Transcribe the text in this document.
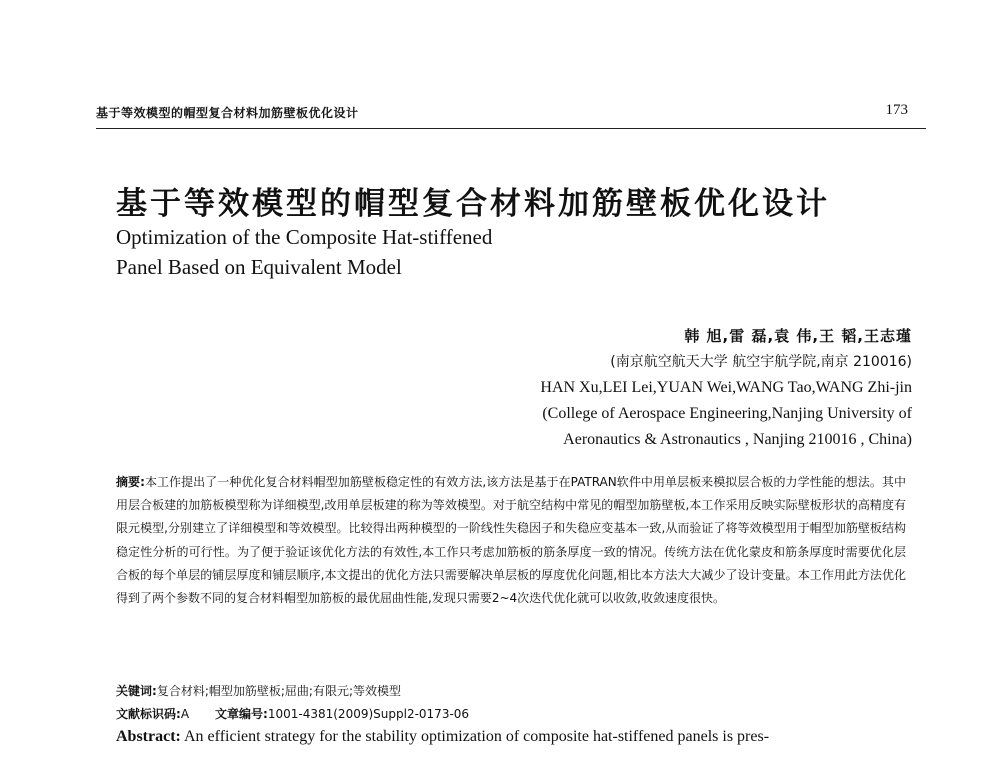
基于等效模型的帽型复合材料加筋壁板优化设计	173
基于等效模型的帽型复合材料加筋壁板优化设计
Optimization of the Composite Hat-stiffened
Panel Based on Equivalent Model
韩 旭,雷 磊,袁 伟,王 韬,王志瑾
(南京航空航天大学 航空宇航学院,南京 210016)
HAN Xu,LEI Lei,YUAN Wei,WANG Tao,WANG Zhi-jin
(College of Aerospace Engineering,Nanjing University of
Aeronautics & Astronautics , Nanjing 210016 , China)
摘要:本工作提出了一种优化复合材料帽型加筋壁板稳定性的有效方法,该方法是基于在PATRAN软件中用单层板来模拟层合板的力学性能的想法。其中用层合板建的加筋板模型称为详细模型,改用单层板建的称为等效模型。对于航空结构中常见的帽型加筋壁板,本工作采用反映实际壁板形状的高精度有限元模型,分别建立了详细模型和等效模型。比较得出两种模型的一阶线性失稳因子和失稳应变基本一致,从而验证了将等效模型用于帽型加筋壁板结构稳定性分析的可行性。为了便于验证该优化方法的有效性,本工作只考虑加筋板的筋条厚度一致的情况。传统方法在优化蒙皮和筋条厚度时需要优化层合板的每个单层的铺层厚度和铺层顺序,本文提出的优化方法只需要解决单层板的厚度优化问题,相比本方法大大减少了设计变量。本工作用此方法优化得到了两个参数不同的复合材料帽型加筋板的最优屈曲性能,发现只需要2~4次迭代优化就可以收敛,收敛速度很快。
关键词:复合材料;帽型加筋壁板;屈曲;有限元;等效模型
文献标识码:A 文章编号:1001-4381(2009)Suppl2-0173-06
Abstract: An efficient strategy for the stability optimization of composite hat-stiffened panels is pres-
